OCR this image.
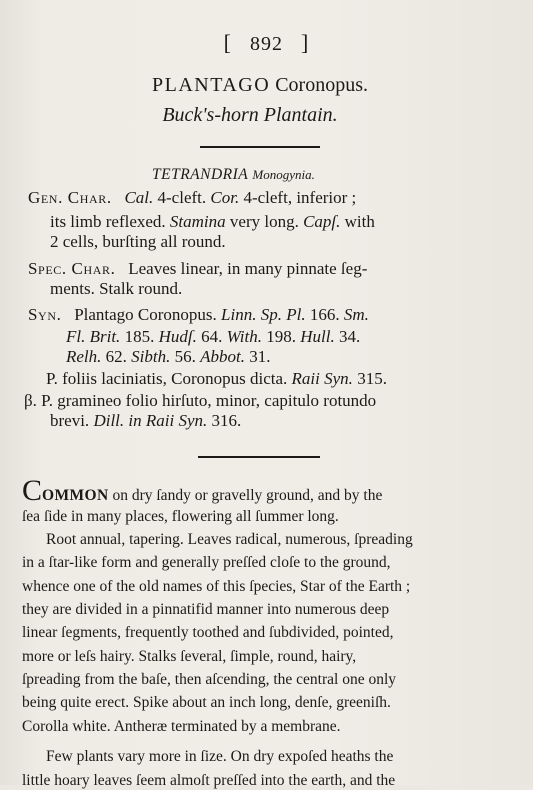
[ 892 ]
PLANTAGO Coronopus.
Buck's-horn Plantain.
TETRANDRIA Monogynia.
Gen. Char. Cal. 4-cleft. Cor. 4-cleft, inferior ;
its limb reflexed. Stamina very long. Capſ. with
2 cells, burſting all round.
Spec. Char. Leaves linear, in many pinnate ſeg-
ments. Stalk round.
Syn. Plantago Coronopus. Linn. Sp. Pl. 166. Sm.
Fl. Brit. 185. Hudſ. 64. With. 198. Hull. 34.
Relh. 62. Sibth. 56. Abbot. 31.
P. foliis laciniatis, Coronopus dicta. Raii Syn. 315.
β. P. gramineo folio hirſuto, minor, capitulo rotundo
brevi. Dill. in Raii Syn. 316.
COMMON on dry ſandy or gravelly ground, and by the
ſea ſide in many places, flowering all ſummer long.
Root annual, tapering. Leaves radical, numerous, ſpreading
in a ſtar-like form and generally preſſed cloſe to the ground,
whence one of the old names of this ſpecies, Star of the Earth ;
they are divided in a pinnatifid manner into numerous deep
linear ſegments, frequently toothed and ſubdivided, pointed,
more or leſs hairy. Stalks ſeveral, ſimple, round, hairy,
ſpreading from the baſe, then aſcending, the central one only
being quite erect. Spike about an inch long, denſe, greeniſh.
Corolla white. Antheræ terminated by a membrane.
Few plants vary more in ſize. On dry expoſed heaths the
little hoary leaves ſeem almoſt preſſed into the earth, and the
